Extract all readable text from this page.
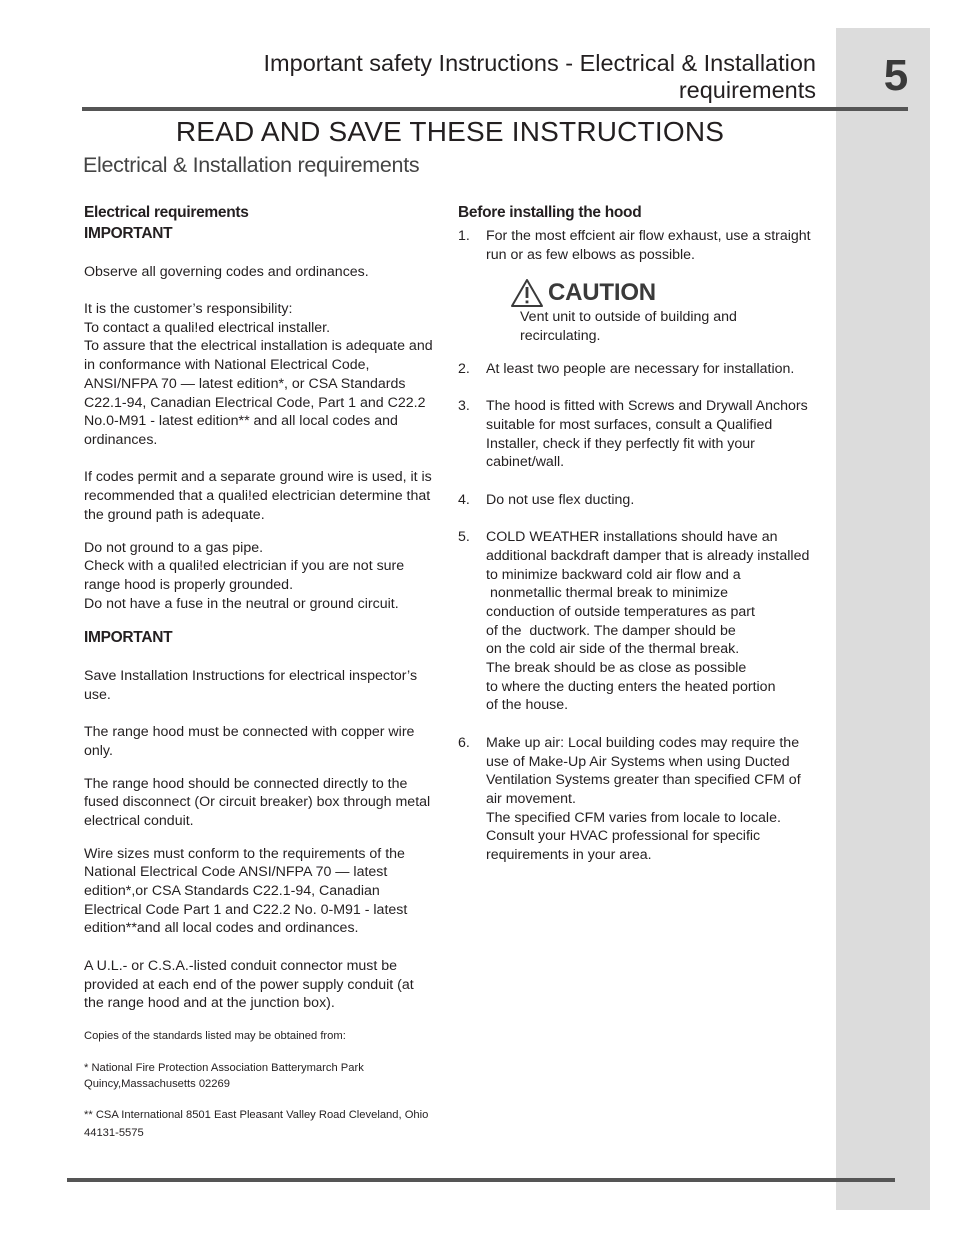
5
Important safety Instructions - Electrical & Installation
requirements
READ AND SAVE THESE INSTRUCTIONS
Electrical & Installation requirements
Electrical requirements
IMPORTANT

Observe all governing codes and ordinances.

It is the customer’s responsibility:

To contact a quali!ed electrical installer.

To assure that the electrical installation is adequate and in conformance with National Electrical Code, ANSI/NFPA 70 — latest edition*, or CSA Standards C22.1-94, Canadian Electrical Code, Part 1 and C22.2 No.0-M91 - latest edition** and all local codes and ordinances.

If codes permit and a separate ground wire is used, it is recommended that a quali!ed electrician determine that the ground path is adequate.

Do not ground to a gas pipe.

Check with a quali!ed electrician if you are not sure range hood is properly grounded.

Do not have a fuse in the neutral or ground circuit.

IMPORTANT

Save Installation Instructions for electrical inspector’s use.

The range hood must be connected with copper wire only.

The range hood should be connected directly to the fused disconnect (Or circuit breaker) box through metal electrical conduit.

Wire sizes must conform to the requirements of the National Electrical Code ANSI/NFPA 70 — latest edition*,or CSA Standards C22.1-94, Canadian Electrical Code Part 1 and C22.2 No. 0-M91 - latest edition**and all local codes and ordinances.

A U.L.- or C.S.A.-listed conduit connector must be provided at each end of the power supply conduit (at the range hood and at the junction box).

Copies of the standards listed may be obtained from:

* National Fire Protection Association Batterymarch Park Quincy,Massachusetts 02269

** CSA International 8501 East Pleasant Valley Road Cleveland, Ohio 44131-5575

Before installing the hood
1. For the most effcient air flow exhaust, use a straight run or as few elbows as possible.
CAUTION

Vent unit to outside of building and recirculating.

2. At least two people are necessary for installation.
3. The hood is fitted with Screws and Drywall Anchors suitable for most surfaces, consult a Qualified Installer, check if they perfectly fit with your cabinet/wall.
4. Do not use flex ducting.
5. COLD WEATHER installations should have an additional backdraft damper that is already installed to minimize backward cold air flow and a
nonmetallic thermal break to minimize
conduction of outside temperatures as part
of the  ductwork. The damper should be
on the cold air side of the thermal break.
The break should be as close as possible
to where the ducting enters the heated portion
of the house.
6. Make up air: Local building codes may require the use of Make-Up Air Systems when using Ducted Ventilation Systems greater than specified CFM of air movement.
The specified CFM varies from locale to locale. Consult your HVAC professional for specific requirements in your area.
